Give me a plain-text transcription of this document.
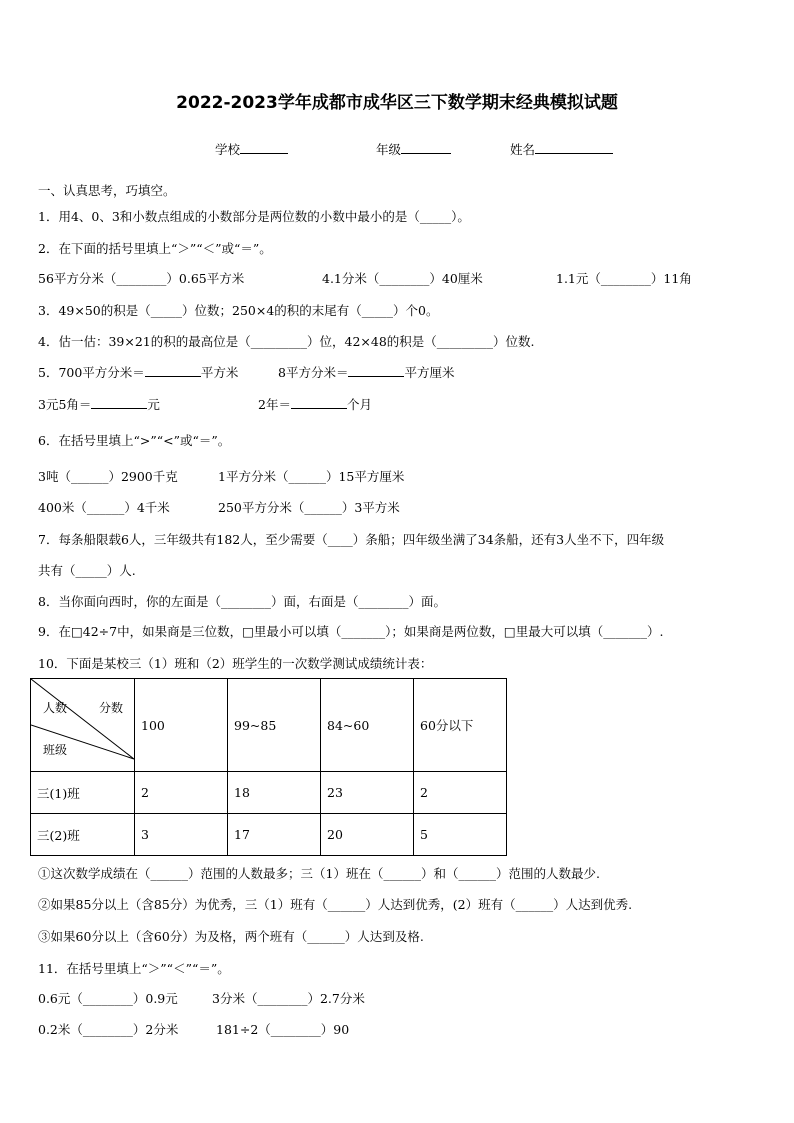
2022-2023学年成都市成华区三下数学期末经典模拟试题
学校	年级	姓名
一、认真思考，巧填空。
1．用4、0、3和小数点组成的小数部分是两位数的小数中最小的是（_____）。
2．在下面的括号里填上“＞”“＜”或“＝”。
56平方分米（________）0.65平方米	4.1分米（________）40厘米	1.1元（________）11角
3．49×50的积是（_____）位数；250×4的积的末尾有（_____）个0。
4．估一估：39×21的积的最高位是（_________）位，42×48的积是（_________）位数.
5．700平方分米＝	平方米	8平方分米＝	平方厘米
3元5角＝	元	2年＝	个月
6．在括号里填上“>”“<”或“＝”。
3吨（______）2900千克	1平方分米（______）15平方厘米
400米（______）4千米	250平方分米（______）3平方米
7．每条船限载6人，三年级共有182人，至少需要（____）条船；四年级坐满了34条船，还有3人坐不下，四年级
共有（_____）人.
8．当你面向西时，你的左面是（________）面，右面是（________）面。
9．在□42÷7中，如果商是三位数，□里最小可以填（_______）；如果商是两位数，□里最大可以填（_______）.
10．下面是某校三（1）班和（2）班学生的一次数学测试成绩统计表：
人数 分数
班级	100	99~85	84~60	60分以下
三(1)班	2	18	23	2
三(2)班	3	17	20	5
①这次数学成绩在（______）范围的人数最多；三（1）班在（______）和（______）范围的人数最少.
②如果85分以上（含85分）为优秀，三（1）班有（______）人达到优秀，(2）班有（______）人达到优秀.
③如果60分以上（含60分）为及格，两个班有（______）人达到及格.
11．在括号里填上“＞”“＜”“＝”。
0.6元（________）0.9元	3分米（________）2.7分米
0.2米（________）2分米	181÷2（________）90
